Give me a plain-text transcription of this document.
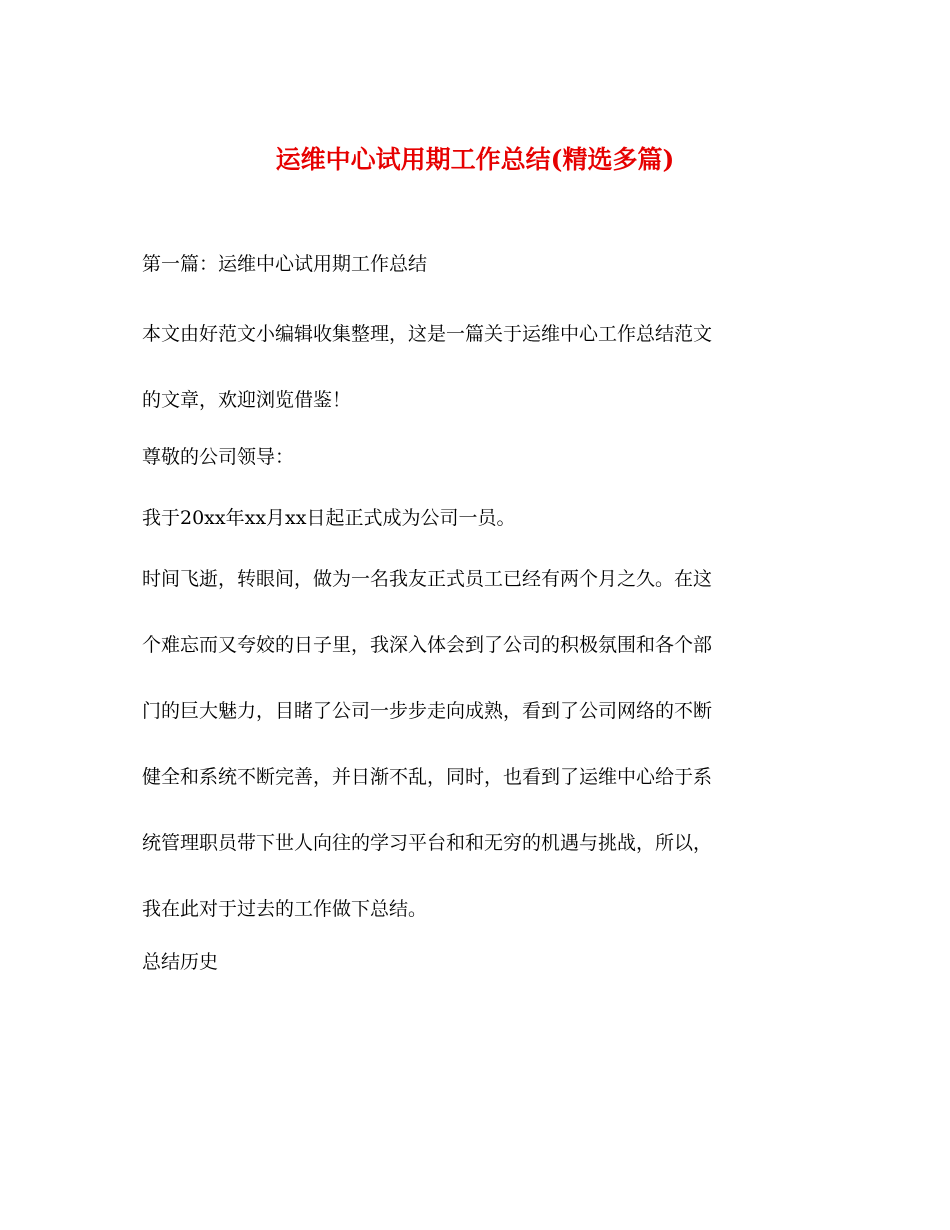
运维中心试用期工作总结(精选多篇)

第一篇：运维中心试用期工作总结

本文由好范文小编辑收集整理，这是一篇关于运维中心工作总结范文
的文章，欢迎浏览借鉴！

尊敬的公司领导：

我于20xx年xx月xx日起正式成为公司一员。

时间飞逝，转眼间，做为一名我友正式员工已经有两个月之久。在这
个难忘而又夸姣的日子里，我深入体会到了公司的积极氛围和各个部
门的巨大魅力，目睹了公司一步步走向成熟，看到了公司网络的不断
健全和系统不断完善，并日渐不乱，同时，也看到了运维中心给于系
统管理职员带下世人向往的学习平台和和无穷的机遇与挑战，所以，
我在此对于过去的工作做下总结。

总结历史
